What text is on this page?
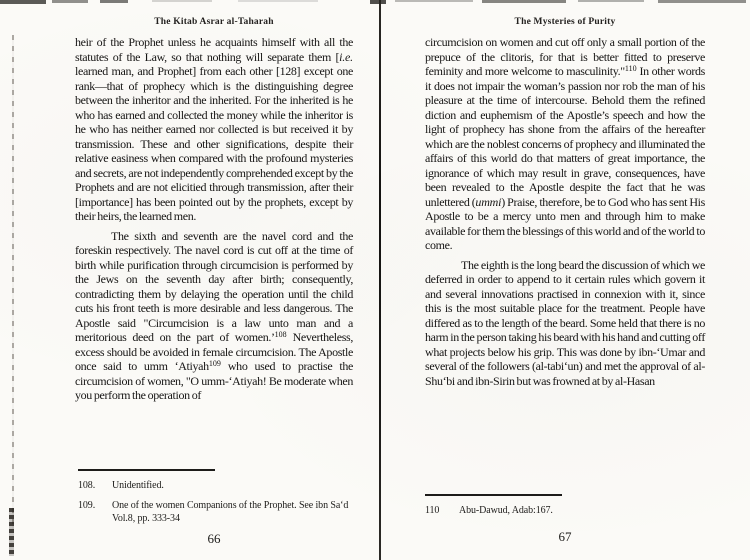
The Kitab Asrar al-Taharah

heir of the Prophet unless he acquaints himself with all the statutes of the Law, so that nothing will separate them [i.e. learned man, and Prophet] from each other [128] except one rank—that of prophecy which is the distinguishing degree between the inheritor and the inherited. For the inherited is he who has earned and collected the money while the inheritor is he who has neither earned nor collected is but received it by transmission. These and other significations, despite their relative easiness when compared with the profound mysteries and secrets, are not independently comprehended except by the Prophets and are not elicitied through transmission, after their [importance] has been pointed out by the prophets, except by their heirs, the learned men.

The sixth and seventh are the navel cord and the foreskin respectively. The navel cord is cut off at the time of birth while purification through circumcision is performed by the Jews on the seventh day after birth; consequently, contradicting them by delaying the operation until the child cuts his front teeth is more desirable and less dangerous. The Apostle said "Circumcision is a law unto man and a meritorious deed on the part of women.’$^{108}$ Nevertheless, excess should be avoided in female circumcision. The Apostle once said to umm ‘Atiyah$^{109}$ who used to practise the circumcision of women, "O umm-‘Atiyah! Be moderate when you perform the operation of

108.	Unidentified.
109.	One of the women Companions of the Prophet. See ibn Sa‘d Vol.8, pp. 333-34
66
The Mysteries of Purity

circumcision on women and cut off only a small portion of the prepuce of the clitoris, for that is better fitted to preserve feminity and more welcome to masculinity."$^{110}$ In other words it does not impair the woman’s passion nor rob the man of his pleasure at the time of intercourse. Behold them the refined diction and euphemism of the Apostle’s speech and how the light of prophecy has shone from the affairs of the hereafter which are the noblest concerns of prophecy and illuminated the affairs of this world do that matters of great importance, the ignorance of which may result in grave, consequences, have been revealed to the Apostle despite the fact that he was unlettered (ummi) Praise, therefore, be to God who has sent His Apostle to be a mercy unto men and through him to make available for them the blessings of this world and of the world to come.

The eighth is the long beard the discussion of which we deferred in order to append to it certain rules which govern it and several innovations practised in connexion with it, since this is the most suitable place for the treatment. People have differed as to the length of the beard. Some held that there is no harm in the person taking his beard with his hand and cutting off what projects below his grip. This was done by ibn-‘Umar and several of the followers (al-tabi‘un) and met the approval of al-Shu‘bi and ibn-Sirin but was frowned at by al-Hasan

110	Abu-Dawud, Adab:167.
67
